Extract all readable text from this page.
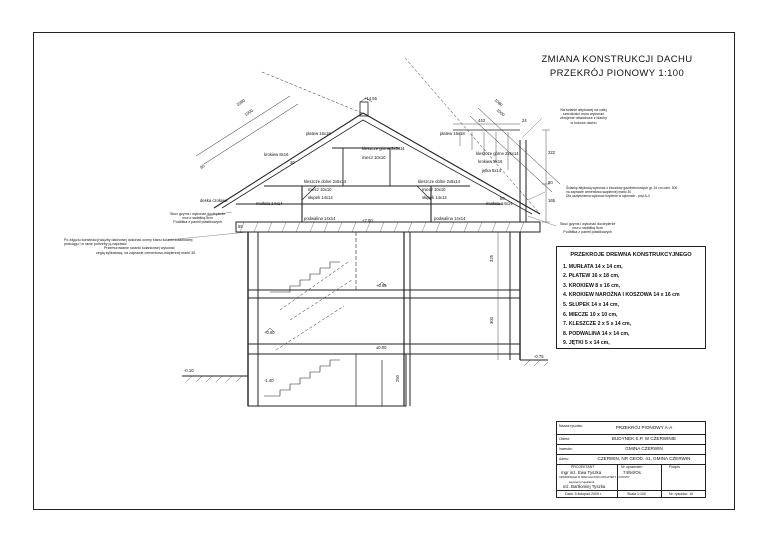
ZMIANA KONSTRUKCJI DACHU
PRZEKRÓJ PIONOWY 1:100
płatew 16x18	płatew 16x18
krokiew 8x16
kleszcze górne 2x5x14
miecz 10x10
kleszcze dolne 2x5x14	kleszcze dolne 2x5x14
kleszcze górne 2x5x14
miecz 10x10	miecz 10x10
słupek 14x14	słupek 14x14
jętka 5x14
krokiew 8x16
murłata 14x14	murłata 14x14
podwalina 14x14	podwalina 14x14
deska czołowa
Skuć gzyms i wykonać docieplenie
muru nadbitką 5cm
Podbitka z paneli plastikowych	Skuć gzyms i wykonać docieplenie
muru nadbitką 5cm
Podbitka z paneli plastikowych
Na ścianie attykowej na całej
szerokości muru wykonać
zbrojenie obwodowe z blachy
w kolorze dachu
Ściankę attykową wykonać z bloczków gazobetonowych gr. 24 cm odm. 500
na zaprawie cementowo-wapiennej marki 30.
Dla usztywnienia wykonać trzpienie w spionach - pręt A-II
Po zdjęciu konstrukcji więźby dachowej dokonać oceny stanu ścianki kolankowej
podciągu i w razie potrzeby ją naprawić
Przemurowanie ścianki kolankowej wykonać
cegłą sylikatową, na zaprawie cementowo-wapiennej marki 30.
1080
1000
1080
1000
80
80
443	24
222
165
30
65
+14.55
+7.00
+3.65
+0.60
±0.00
-0.10
-0.75
-1.40
325
300
250
60
PRZEKROJE DREWNA KONSTRUKCYJNEGO
1. MURŁATA 14 x 14 cm,
2. PŁATEW 16 x 18 cm,
3. KROKIEW 8 x 16 cm,
4. KROKIEW NAROŻNA I KOSZOWA 14 x 16 cm
5. SŁUPEK 14 x 14 cm,
6. MIECZE 10 x 10 cm,
7. KLESZCZE 2 x 5 x 14 cm,
8. PODWALINA 14 x 14 cm,
9. JĘTKI 5 x 14 cm,
Nazwa rysunku:	PRZEKRÓJ PIONOWY A-A
Obiekt:	BUDYNEK S.P. W CZERWINIE
Inwestor:	GMINA CZERWIN
Adres:	CZERWIN, NR GEOD. 41, GMINA CZERWIN
PROJEKTANT	Nr uprawnień	Podpis
mgr inż. Ewa Tyszka	74/94/Os
UPRAWNIENIA W SPECJALNOŚCI ARCHITEKT. I KONSTR.
Asystent projektanta
inż. Bartłomiej Tyszka
Data: 5 listopad 2009 r.	Skala 1:100	Nr. rysunku: 10
